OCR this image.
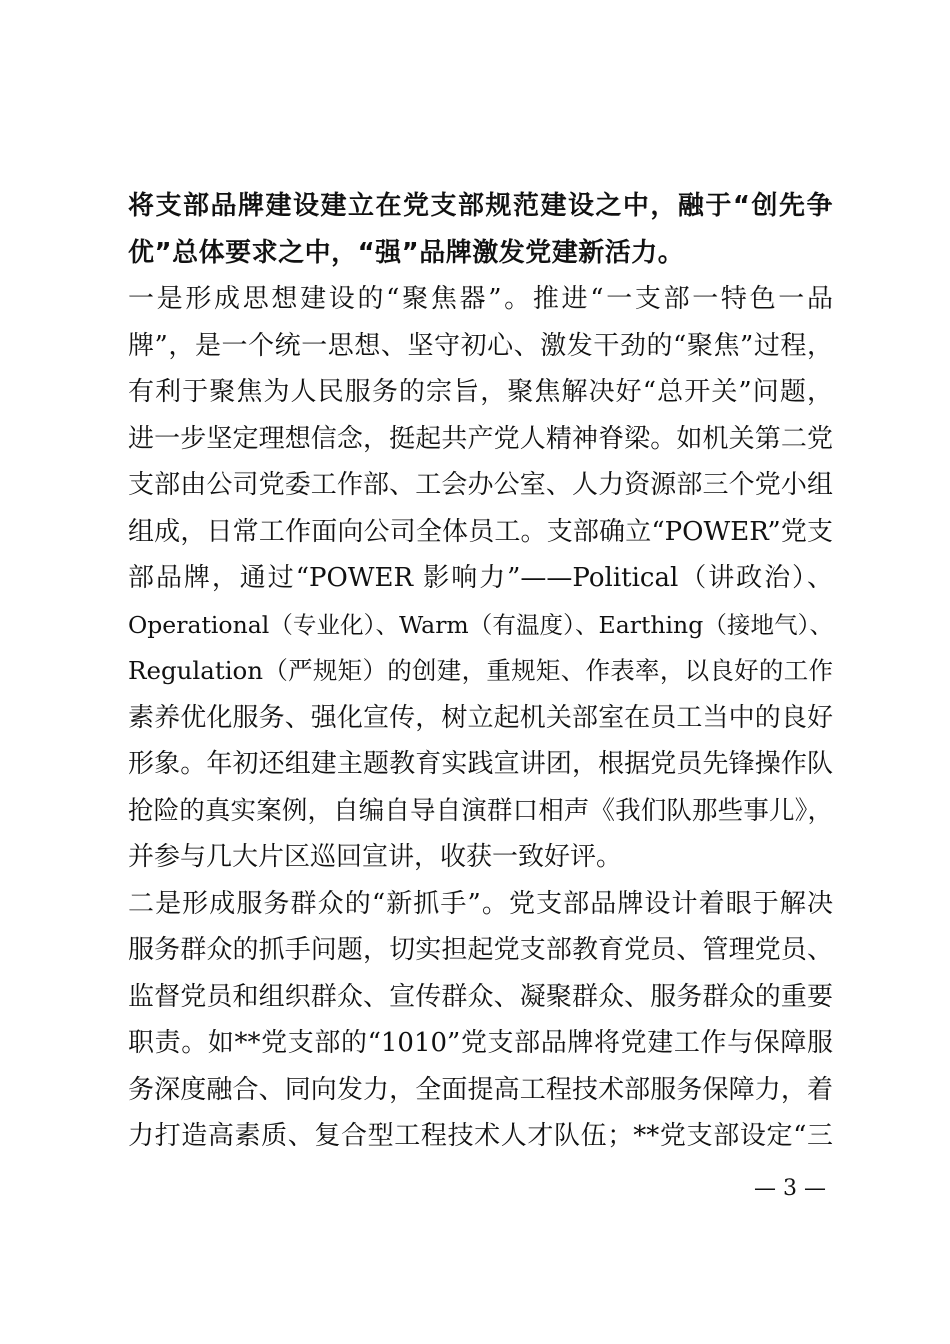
将支部品牌建设建立在党支部规范建设之中，融于“创先争
优”总体要求之中，“强”品牌激发党建新活力。
一是形成思想建设的“聚焦器”。推进“一支部一特色一品
牌”，是一个统一思想、坚守初心、激发干劲的“聚焦”过程，
有利于聚焦为人民服务的宗旨，聚焦解决好“总开关”问题，
进一步坚定理想信念，挺起共产党人精神脊梁。如机关第二党
支部由公司党委工作部、工会办公室、人力资源部三个党小组
组成，日常工作面向公司全体员工。支部确立“POWER”党支
部品牌，通过“POWER 影响力”——Political（讲政治）、
Operational（专业化）、Warm（有温度）、Earthing（接地气）、
Regulation（严规矩）的创建，重规矩、作表率，以良好的工作
素养优化服务、强化宣传，树立起机关部室在员工当中的良好
形象。年初还组建主题教育实践宣讲团，根据党员先锋操作队
抢险的真实案例，自编自导自演群口相声《我们队那些事儿》，
并参与几大片区巡回宣讲，收获一致好评。
二是形成服务群众的“新抓手”。党支部品牌设计着眼于解决
服务群众的抓手问题，切实担起党支部教育党员、管理党员、
监督党员和组织群众、宣传群众、凝聚群众、服务群众的重要
职责。如**党支部的“1010”党支部品牌将党建工作与保障服
务深度融合、同向发力，全面提高工程技术部服务保障力，着
力打造高素质、复合型工程技术人才队伍；**党支部设定“三
— 3 —
